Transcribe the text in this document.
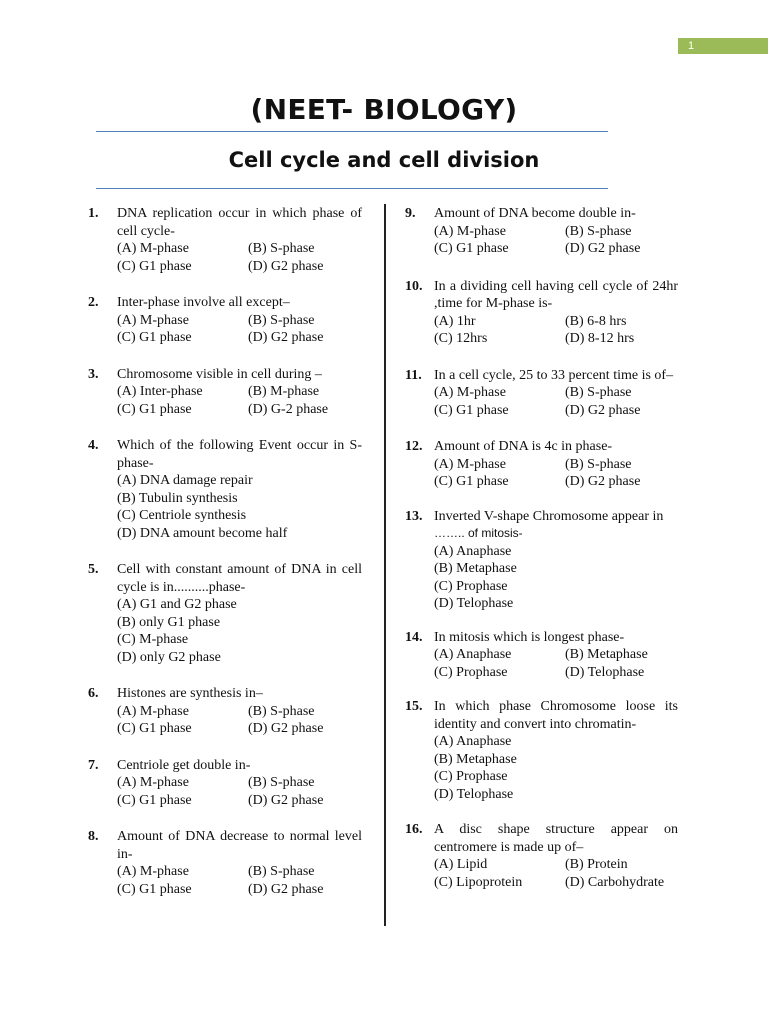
1
(NEET- BIOLOGY)
Cell cycle and cell division
1. DNA replication occur in which phase of cell cycle-
(A) M-phase	(B) S-phase
(C) G1 phase	(D) G2 phase
2. Inter-phase involve all except–
(A) M-phase	(B) S-phase
(C) G1 phase	(D) G2 phase
3. Chromosome visible in cell during –
(A) Inter-phase	(B) M-phase
(C) G1 phase	(D) G-2 phase
4. Which of the following Event occur in S-phase-
(A) DNA damage repair
(B) Tubulin synthesis
(C) Centriole synthesis
(D) DNA amount become half
5. Cell with constant amount of DNA in cell cycle is in..........phase-
(A) G1 and G2 phase
(B) only G1 phase
(C) M-phase
(D) only G2 phase
6. Histones are synthesis in–
(A) M-phase	(B) S-phase
(C) G1 phase	(D) G2 phase
7. Centriole get double in-
(A) M-phase	(B) S-phase
(C) G1 phase	(D) G2 phase
8. Amount of DNA decrease to normal level in-
(A) M-phase	(B) S-phase
(C) G1 phase	(D) G2 phase
9. Amount of DNA become double in-
(A) M-phase	(B) S-phase
(C) G1 phase	(D) G2 phase
10. In a dividing cell having cell cycle of 24hr ,time for M-phase is-
(A) 1hr	(B) 6-8 hrs
(C) 12hrs	(D) 8-12 hrs
11. In a cell cycle, 25 to 33 percent time is of–
(A) M-phase	(B) S-phase
(C) G1 phase	(D) G2 phase
12. Amount of DNA is 4c in phase-
(A) M-phase	(B) S-phase
(C) G1 phase	(D) G2 phase
13. Inverted V-shape Chromosome appear in
…….. of mitosis-
(A) Anaphase
(B) Metaphase
(C) Prophase
(D) Telophase
14. In mitosis which is longest phase-
(A) Anaphase	(B) Metaphase
(C) Prophase	(D) Telophase
15. In which phase Chromosome loose its identity and convert into chromatin-
(A) Anaphase
(B) Metaphase
(C) Prophase
(D) Telophase
16. A disc shape structure appear on centromere is made up of–
(A) Lipid	(B) Protein
(C) Lipoprotein	(D) Carbohydrate
